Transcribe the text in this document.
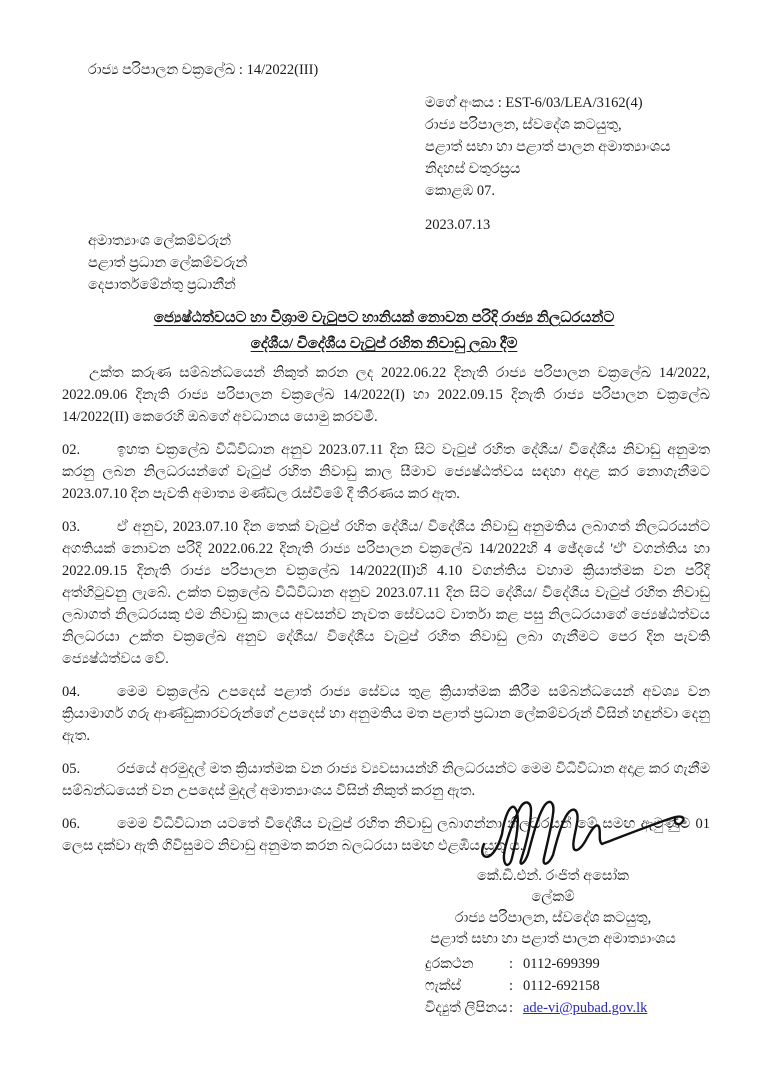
රාජ්‍ය පරිපාලන චක්‍රලේඛ : 14/2022(III)
මගේ අංකය : EST-6/03/LEA/3162(4)
රාජ්‍ය පරිපාලන, ස්වදේශ කටයුතු,
පළාත් සභා හා පළාත් පාලන අමාත්‍යාංශය
නිදහස් චතුරස්‍රය
කොළඹ 07.
2023.07.13
අමාත්‍යාංශ ලේකම්වරුන්
පළාත් ප්‍රධාන ලේකම්වරුන්
දෙපාර්තමේන්තු ප්‍රධානීන්
ජ්‍යෙෂ්ඨත්වයට හා විශ්‍රාම වැටුපට හානියක් නොවන පරිදි රාජ්‍ය නිලධරයන්ට
දේශීය/ විදේශීය වැටුප් රහිත නිවාඩු ලබා දීම

උක්ත කරුණ සම්බන්ධයෙන් නිකුත් කරන ලද 2022.06.22 දිනැති රාජ්‍ය පරිපාලන චක්‍රලේඛ 14/2022, 2022.09.06 දිනැති රාජ්‍ය පරිපාලන චක්‍රලේඛ 14/2022(I) හා 2022.09.15 දිනැති රාජ්‍ය පරිපාලන චක්‍රලේඛ 14/2022(II) කෙරෙහි ඔබගේ අවධානය යොමු කරවමි.

02.	ඉහත චක්‍රලේඛ විධිවිධාන අනුව 2023.07.11 දින සිට වැටුප් රහිත දේශීය/ විදේශීය නිවාඩු අනුමත කරනු ලබන නිලධරයන්ගේ වැටුප් රහිත නිවාඩු කාල සීමාව ජ්‍යෙෂ්ඨත්වය සඳහා අදාළ කර නොගැනීමට 2023.07.10 දින පැවති අමාත්‍ය මණ්ඩල රැස්වීමේ දී තීරණය කර ඇත.

03.	ඒ අනුව, 2023.07.10 දින තෙක් වැටුප් රහිත දේශීය/ විදේශීය නිවාඩු අනුමතිය ලබාගත් නිලධරයන්ට අගතියක් නොවන පරිදි 2022.06.22 දිනැති රාජ්‍ය පරිපාලන චක්‍රලේඛ 14/2022හි 4 ඡේදයේ 'ඒ' වගන්තිය හා 2022.09.15 දිනැති රාජ්‍ය පරිපාලන චක්‍රලේඛ 14/2022(II)හි 4.10 වගන්තිය වහාම ක්‍රියාත්මක වන පරිදි අත්හිටුවනු ලැබේ. උක්ත චක්‍රලේඛ විධිවිධාන අනුව 2023.07.11 දින සිට දේශීය/ විදේශීය වැටුප් රහිත නිවාඩු ලබාගත් නිලධරයකු එම නිවාඩු කාලය අවසන්ව නැවත සේවයට වාර්තා කළ පසු නිලධරයාගේ ජ්‍යෙෂ්ඨත්වය නිලධරයා උක්ත චක්‍රලේඛ අනුව දේශීය/ විදේශීය වැටුප් රහිත නිවාඩු ලබා ගැනීමට පෙර දින පැවති ජ්‍යෙෂ්ඨත්වය වේ.

04.	මෙම චක්‍රලේඛ උපදෙස් පළාත් රාජ්‍ය සේවය තුළ ක්‍රියාත්මක කිරීම සම්බන්ධයෙන් අවශ්‍ය වන ක්‍රියාමාර්ග ගරු ආණ්ඩුකාරවරුන්ගේ උපදෙස් හා අනුමතිය මත පළාත් ප්‍රධාන ලේකම්වරුන් විසින් හඳුන්වා දෙනු ඇත.

05.	රජයේ අරමුදල් මත ක්‍රියාත්මක වන රාජ්‍ය ව්‍යවසායන්හි නිලධරයන්ට මෙම විධිවිධාන අදාළ කර ගැනීම සම්බන්ධයෙන් වන උපදෙස් මුදල් අමාත්‍යාංශය විසින් නිකුත් කරනු ඇත.

06.	මෙම විධිවිධාන යටතේ විදේශීය වැටුප් රහිත නිවාඩු ලබාගන්නා නිලධරයන් මේ සමඟ ඇමුණුම 01 ලෙස දක්වා ඇති ගිවිසුමට නිවාඩු අනුමත කරන බලධරයා සමඟ එළඹිය යුතු ය.

කේ.ඩී.එන්. රංජිත් අසෝක
ලේකම්
රාජ්‍ය පරිපාලන, ස්වදේශ කටයුතු,
පළාත් සභා හා පළාත් පාලන අමාත්‍යාංශය
දුරකථන	: 0112-699399
ෆැක්ස්	: 0112-692158
විද්‍යුත් ලිපිනය : ade-vi@pubad.gov.lk
